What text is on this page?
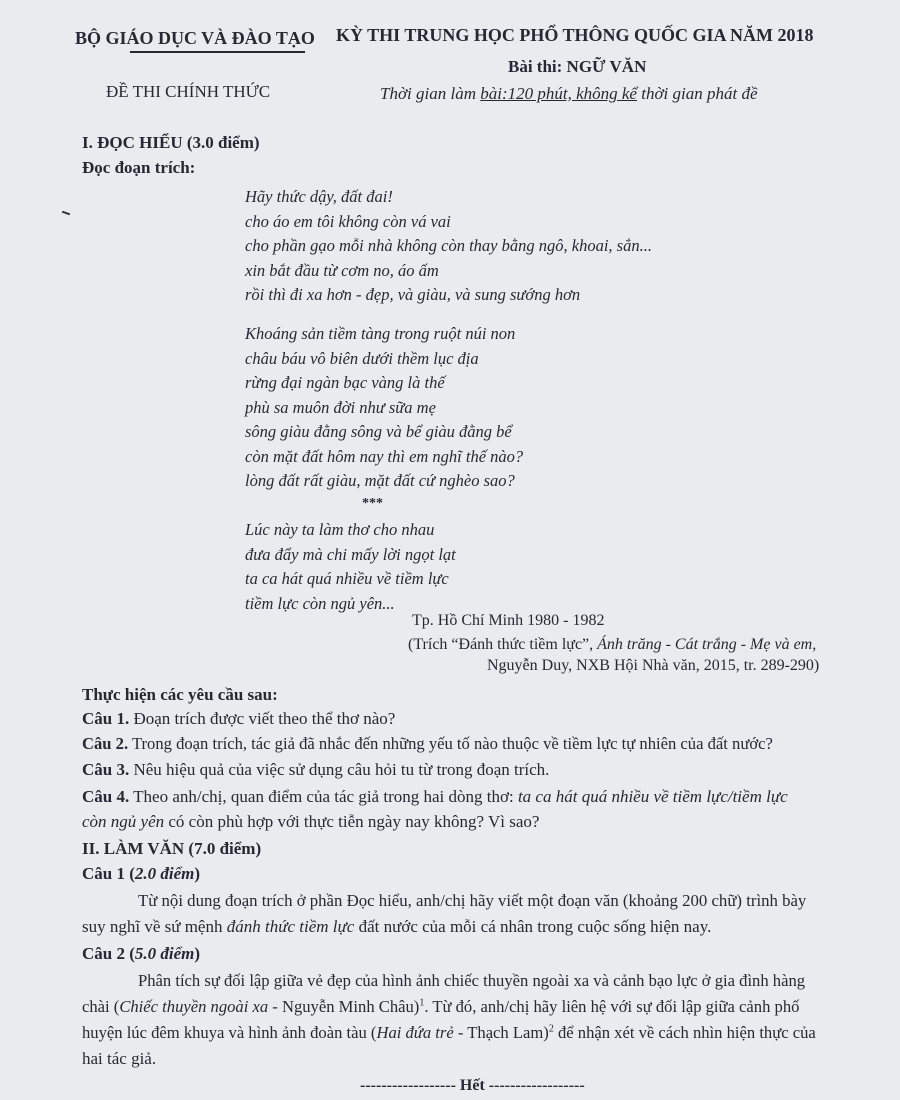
BỘ GIÁO DỤC VÀ ĐÀO TẠO KỲ THI TRUNG HỌC PHỔ THÔNG QUỐC GIA NĂM 2018
ĐỀ THI CHÍNH THỨC
Bài thi: NGỮ VĂN
Thời gian làm bài:120 phút, không kể thời gian phát đề
I. ĐỌC HIỂU (3.0 điểm)
Đọc đoạn trích:
Hãy thức dậy, đất đai!
cho áo em tôi không còn vá vai
cho phần gạo mỗi nhà không còn thay bằng ngô, khoai, sắn...
xin bắt đầu từ cơm no, áo ấm
rồi thì đi xa hơn - đẹp, và giàu, và sung sướng hơn
Khoáng sản tiềm tàng trong ruột núi non
châu báu vô biên dưới thềm lục địa
rừng đại ngàn bạc vàng là thế
phù sa muôn đời như sữa mẹ
sông giàu đằng sông và bể giàu đằng bể
còn mặt đất hôm nay thì em nghĩ thế nào?
lòng đất rất giàu, mặt đất cứ nghèo sao?
***
Lúc này ta làm thơ cho nhau
đưa đẩy mà chi mấy lời ngọt lạt
ta ca hát quá nhiều về tiềm lực
tiềm lực còn ngủ yên...
Tp. Hồ Chí Minh 1980 - 1982
(Trích “Đánh thức tiềm lực”, Ánh trăng - Cát trắng - Mẹ và em,
Nguyễn Duy, NXB Hội Nhà văn, 2015, tr. 289-290)
Thực hiện các yêu cầu sau:
Câu 1. Đoạn trích được viết theo thể thơ nào?
Câu 2. Trong đoạn trích, tác giả đã nhắc đến những yếu tố nào thuộc về tiềm lực tự nhiên của đất nước?
Câu 3. Nêu hiệu quả của việc sử dụng câu hỏi tu từ trong đoạn trích.
Câu 4. Theo anh/chị, quan điểm của tác giả trong hai dòng thơ: ta ca hát quá nhiều về tiềm lực/tiềm lực
còn ngủ yên có còn phù hợp với thực tiễn ngày nay không? Vì sao?
II. LÀM VĂN (7.0 điểm)
Câu 1 (2.0 điểm)
Từ nội dung đoạn trích ở phần Đọc hiểu, anh/chị hãy viết một đoạn văn (khoảng 200 chữ) trình bày
suy nghĩ về sứ mệnh đánh thức tiềm lực đất nước của mỗi cá nhân trong cuộc sống hiện nay.
Câu 2 (5.0 điểm)
Phân tích sự đối lập giữa vẻ đẹp của hình ảnh chiếc thuyền ngoài xa và cảnh bạo lực ở gia đình hàng
chài (Chiếc thuyền ngoài xa - Nguyễn Minh Châu)$^1$. Từ đó, anh/chị hãy liên hệ với sự đối lập giữa cảnh phố
huyện lúc đêm khuya và hình ảnh đoàn tàu (Hai đứa trẻ - Thạch Lam)$^2$ để nhận xét về cách nhìn hiện thực của
hai tác giả.
------------------ Hết ------------------
